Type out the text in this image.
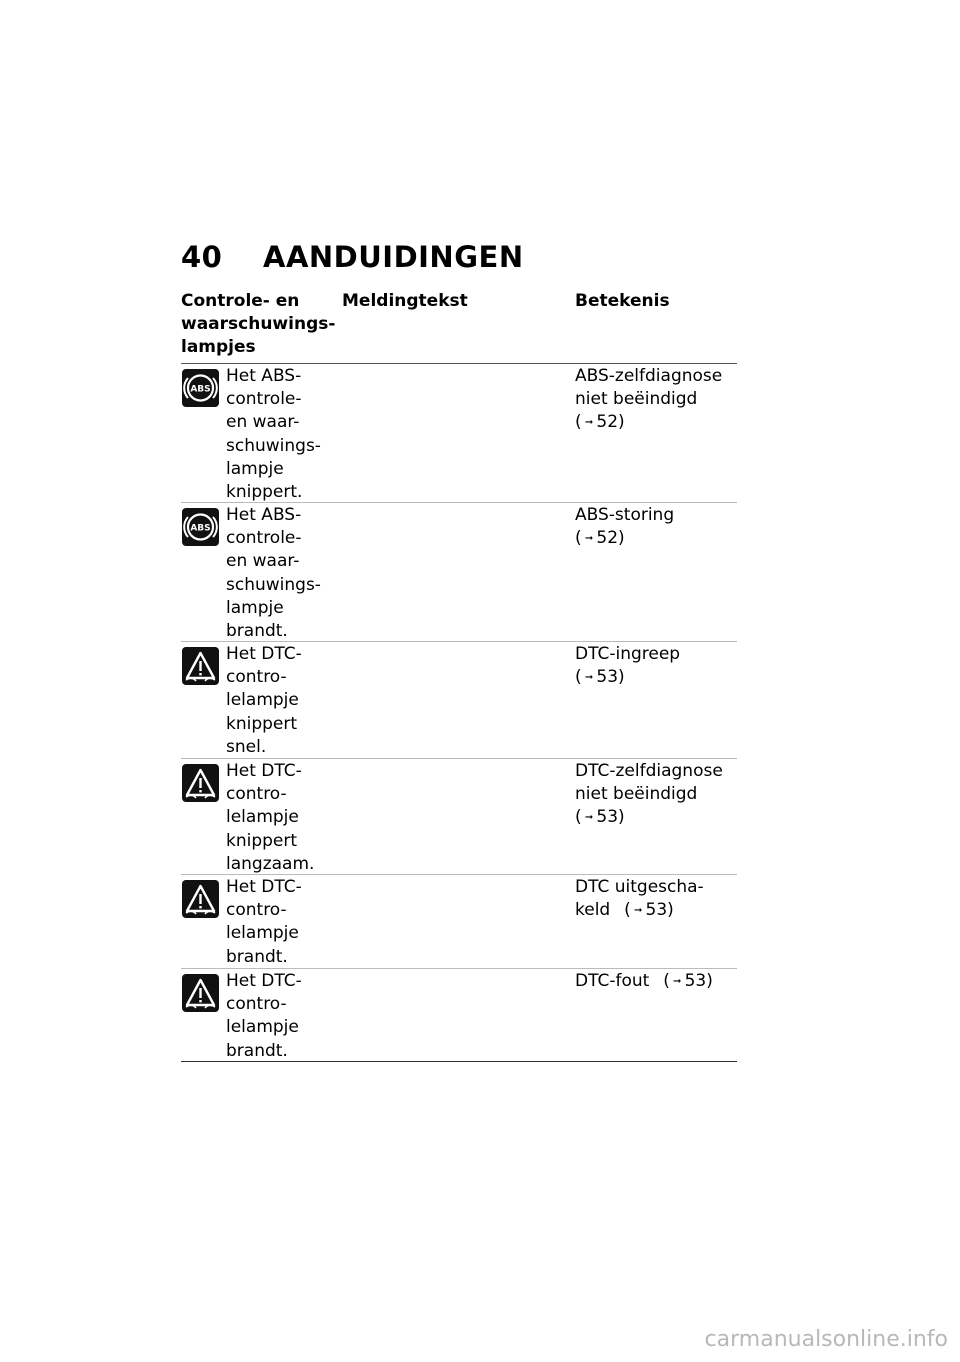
40 AANDUIDINGEN
Controle- en
waarschuwings-
lampjes
Meldingtekst	Betekenis
ABS
Het ABS-
controle-
en waar-
schuwings-
lampje
knippert.
ABS-zelfdiagnose
niet beëindigd
( ➞ 52)
ABS
Het ABS-
controle-
en waar-
schuwings-
lampje
brandt.
ABS-storing
( ➞ 52)
Het DTC-
contro-
lelampje
knippert
snel.
DTC-ingreep
( ➞ 53)
Het DTC-
contro-
lelampje
knippert
langzaam.
DTC-zelfdiagnose
niet beëindigd
( ➞ 53)
Het DTC-
contro-
lelampje
brandt.
DTC uitgescha-
keld  ( ➞ 53)
Het DTC-
contro-
lelampje
brandt.
DTC-fout  ( ➞ 53)
carmanualsonline.info
